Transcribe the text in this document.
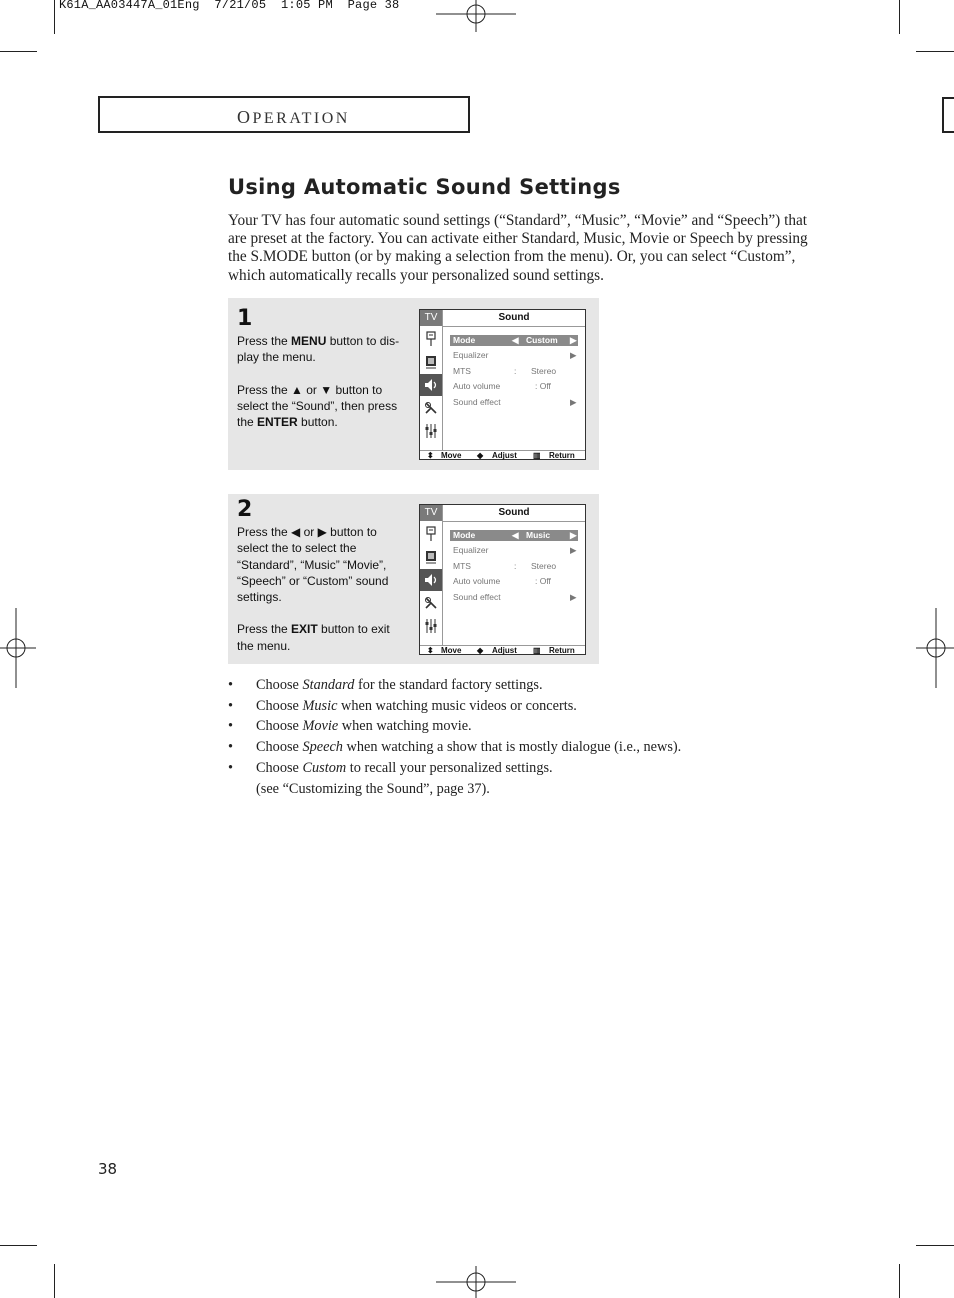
K61A_AA03447A_01Eng  7/21/05  1:05 PM  Page 38
OPERATION
Using Automatic Sound Settings
Your TV has four automatic sound settings (“Standard”, “Music”, “Movie” and “Speech”) that are preset at the factory. You can activate either Standard, Music, Movie or Speech by pressing the S.MODE button (or by making a selection from the menu). Or, you can select “Custom”, which automatically recalls your personalized sound settings.
1

Press the MENU button to dis- play the menu.

Press the ▲ or ▼ button to select the “Sound”, then press the ENTER button.

TV	Sound
Mode	◀ Custom ▶
Equalizer	▶
MTS	: Stereo
Auto volume	: Off
Sound effect	▶
⬍ Move ◆ Adjust ▥ Return
2

Press the ◀ or ▶ button to select the to select the “Standard”, “Music” “Movie”, “Speech” or “Custom” sound settings.

Press the EXIT button to exit the menu.

TV	Sound
Mode	◀ Music ▶
Equalizer	▶
MTS	: Stereo
Auto volume	: Off
Sound effect	▶
⬍ Move ◆ Adjust ▥ Return
• Choose Standard for the standard factory settings.
• Choose Music when watching music videos or concerts.
• Choose Movie when watching movie.
• Choose Speech when watching a show that is mostly dialogue (i.e., news).
• Choose Custom to recall your personalized settings.
(see “Customizing the Sound”, page 37).
38
